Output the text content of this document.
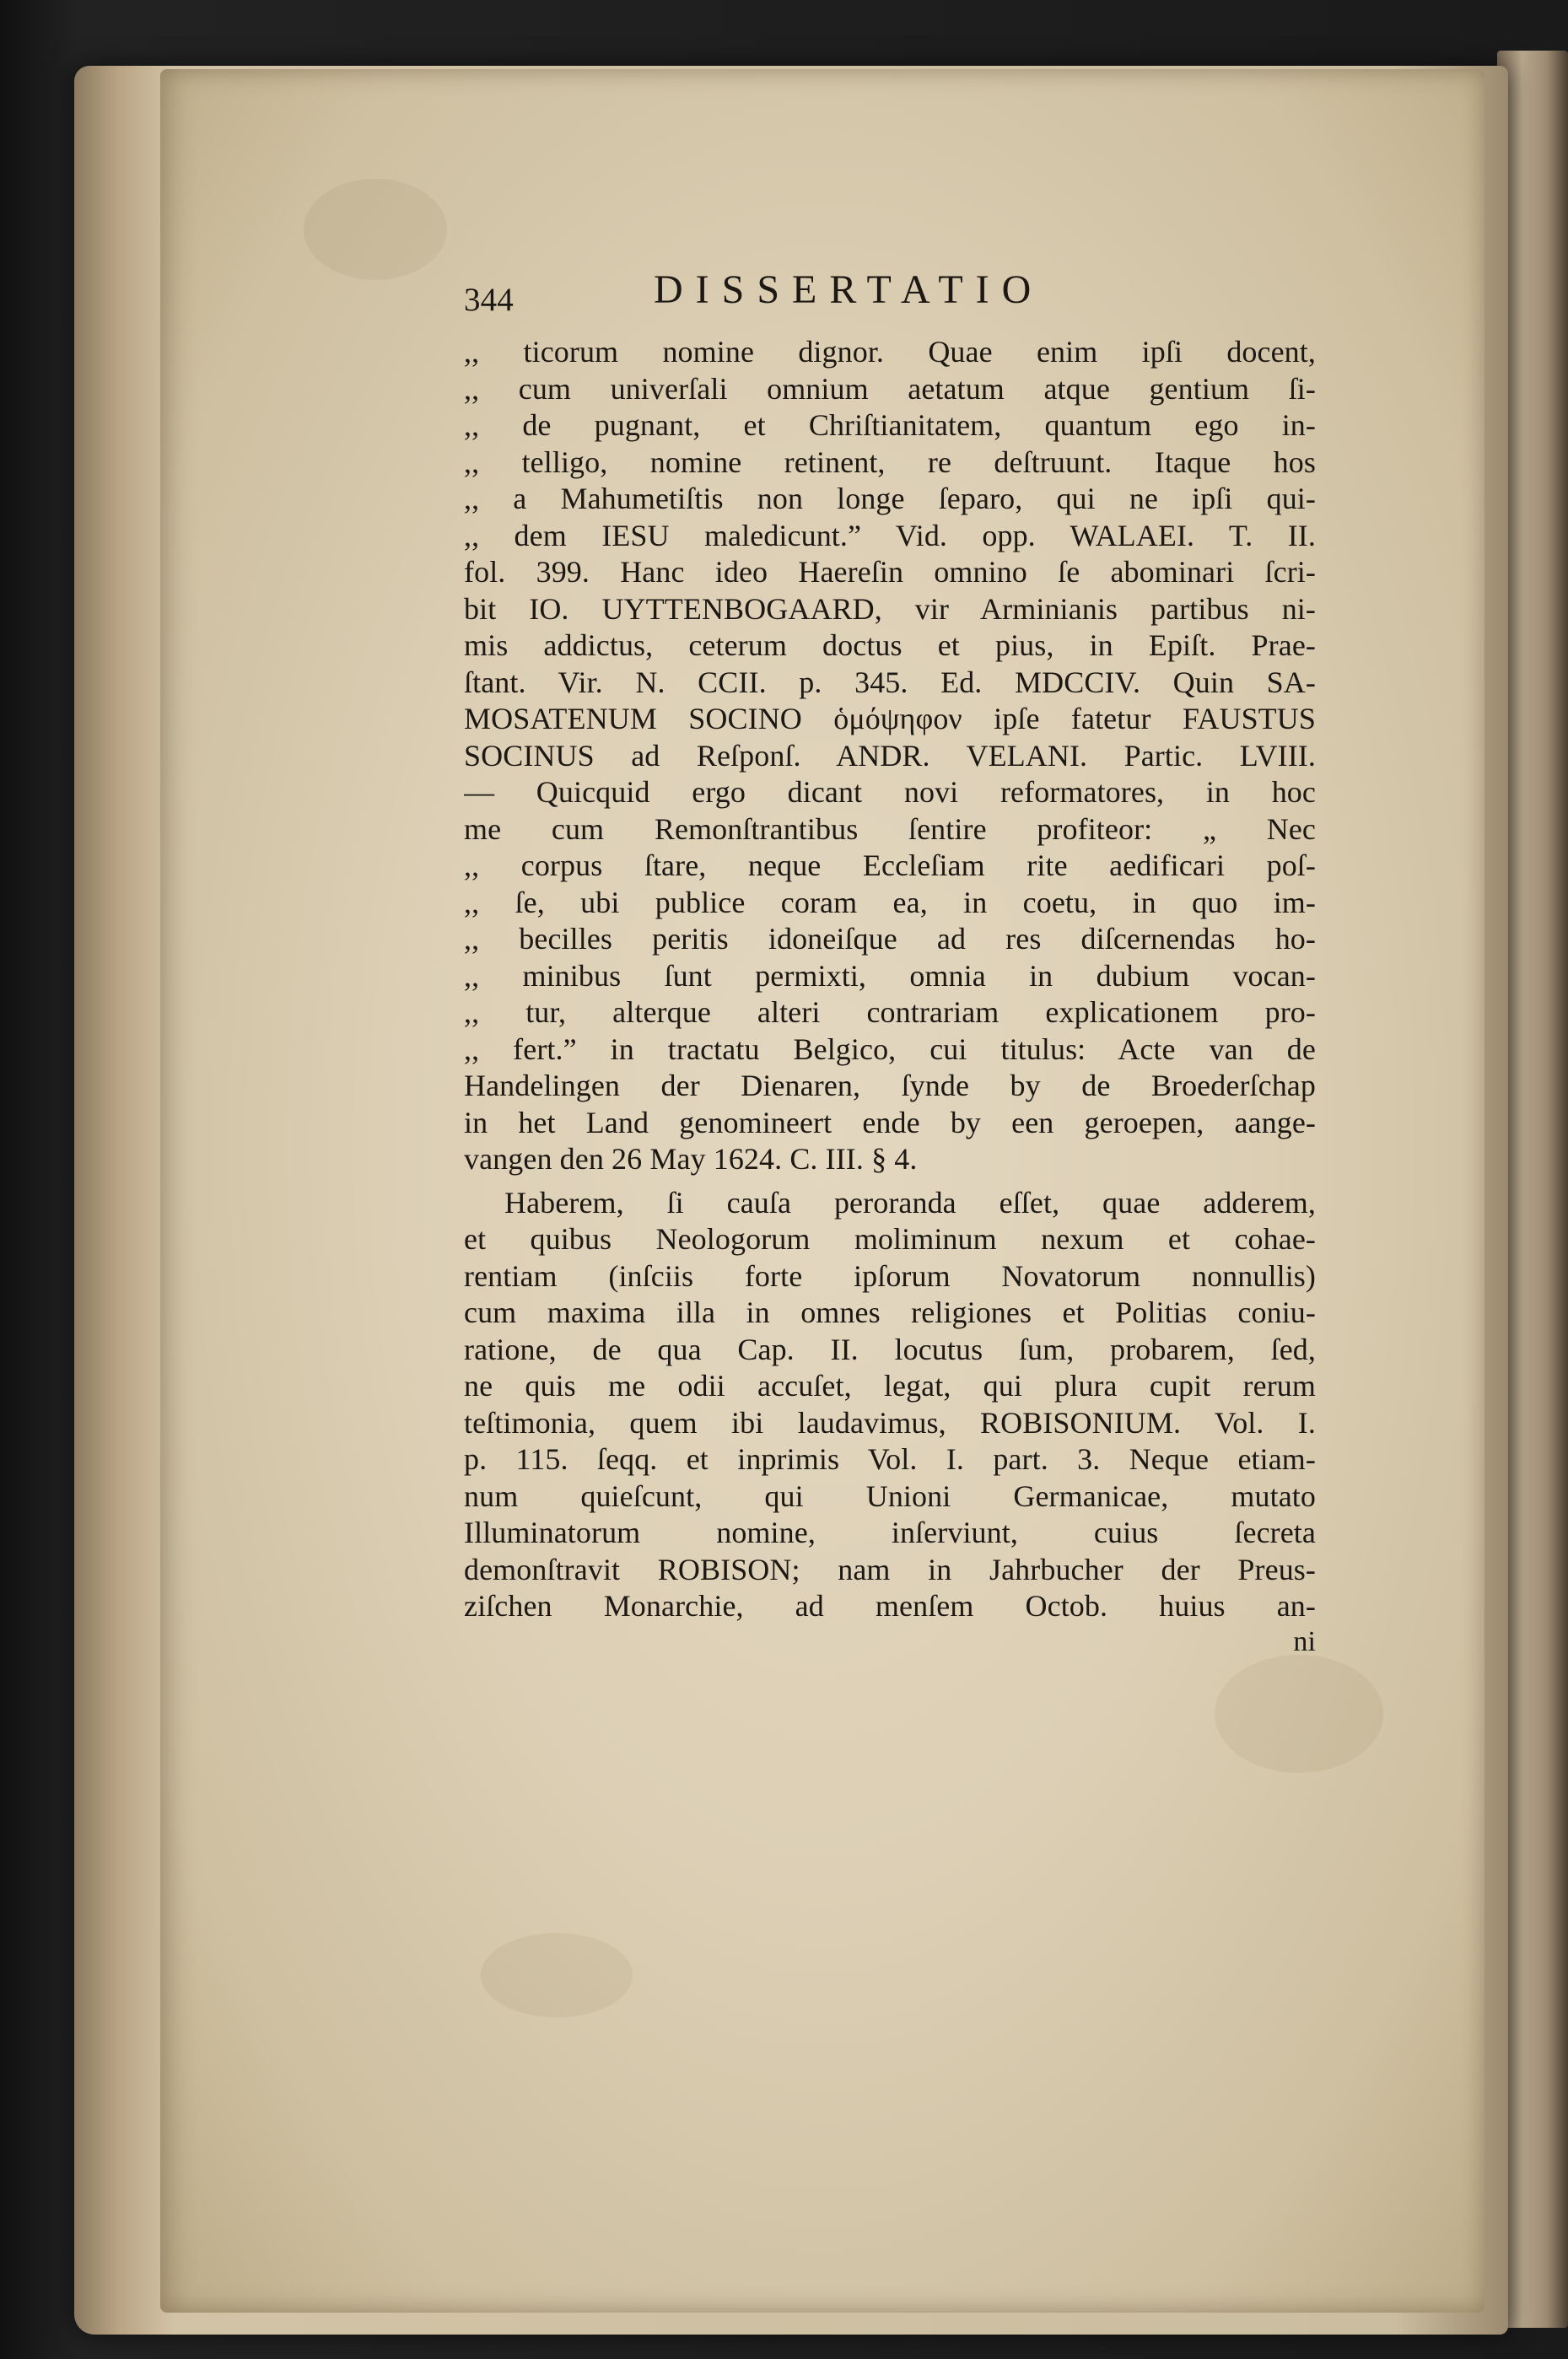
344	DISSERTATIO
,, ticorum nomine dignor. Quae enim ipſi docent,
,, cum univerſali omnium aetatum atque gentium ſi-
,, de pugnant, et Chriſtianitatem, quantum ego in-
,, telligo, nomine retinent, re deſtruunt. Itaque hos
,, a Mahumetiſtis non longe ſeparo, qui ne ipſi qui-
,, dem IESU maledicunt.” Vid. opp. WALAEI. T. II.
fol. 399. Hanc ideo Haereſin omnino ſe abominari ſcri-
bit IO. UYTTENBOGAARD, vir Arminianis partibus ni-
mis addictus, ceterum doctus et pius, in Epiſt. Prae-
ſtant. Vir. N. CCII. p. 345. Ed. MDCCIV. Quin SA-
MOSATENUM SOCINO ὁμόψηφον ipſe fatetur FAUSTUS
SOCINUS ad Reſponſ. ANDR. VELANI. Partic. LVIII.
— Quicquid ergo dicant novi reformatores, in hoc
me cum Remonſtrantibus ſentire profiteor: „ Nec
,, corpus ſtare, neque Eccleſiam rite aedificari poſ-
,, ſe, ubi publice coram ea, in coetu, in quo im-
,, becilles peritis idoneiſque ad res diſcernendas ho-
,, minibus ſunt permixti, omnia in dubium vocan-
,, tur, alterque alteri contrariam explicationem pro-
,, fert.” in tractatu Belgico, cui titulus: Acte van de
Handelingen der Dienaren, ſynde by de Broederſchap
in het Land genomineert ende by een geroepen, aange-
vangen den 26 May 1624. C. III. § 4.
Haberem, ſi cauſa peroranda eſſet, quae adderem,
et quibus Neologorum moliminum nexum et cohae-
rentiam (inſciis forte ipſorum Novatorum nonnullis)
cum maxima illa in omnes religiones et Politias coniu-
ratione, de qua Cap. II. locutus ſum, probarem, ſed,
ne quis me odii accuſet, legat, qui plura cupit rerum
teſtimonia, quem ibi laudavimus, ROBISONIUM. Vol. I.
p. 115. ſeqq. et inprimis Vol. I. part. 3. Neque etiam-
num quieſcunt, qui Unioni Germanicae, mutato
Illuminatorum nomine, inſerviunt, cuius ſecreta
demonſtravit ROBISON; nam in Jahrbucher der Preus-
ziſchen Monarchie, ad menſem Octob. huius an-
ni
